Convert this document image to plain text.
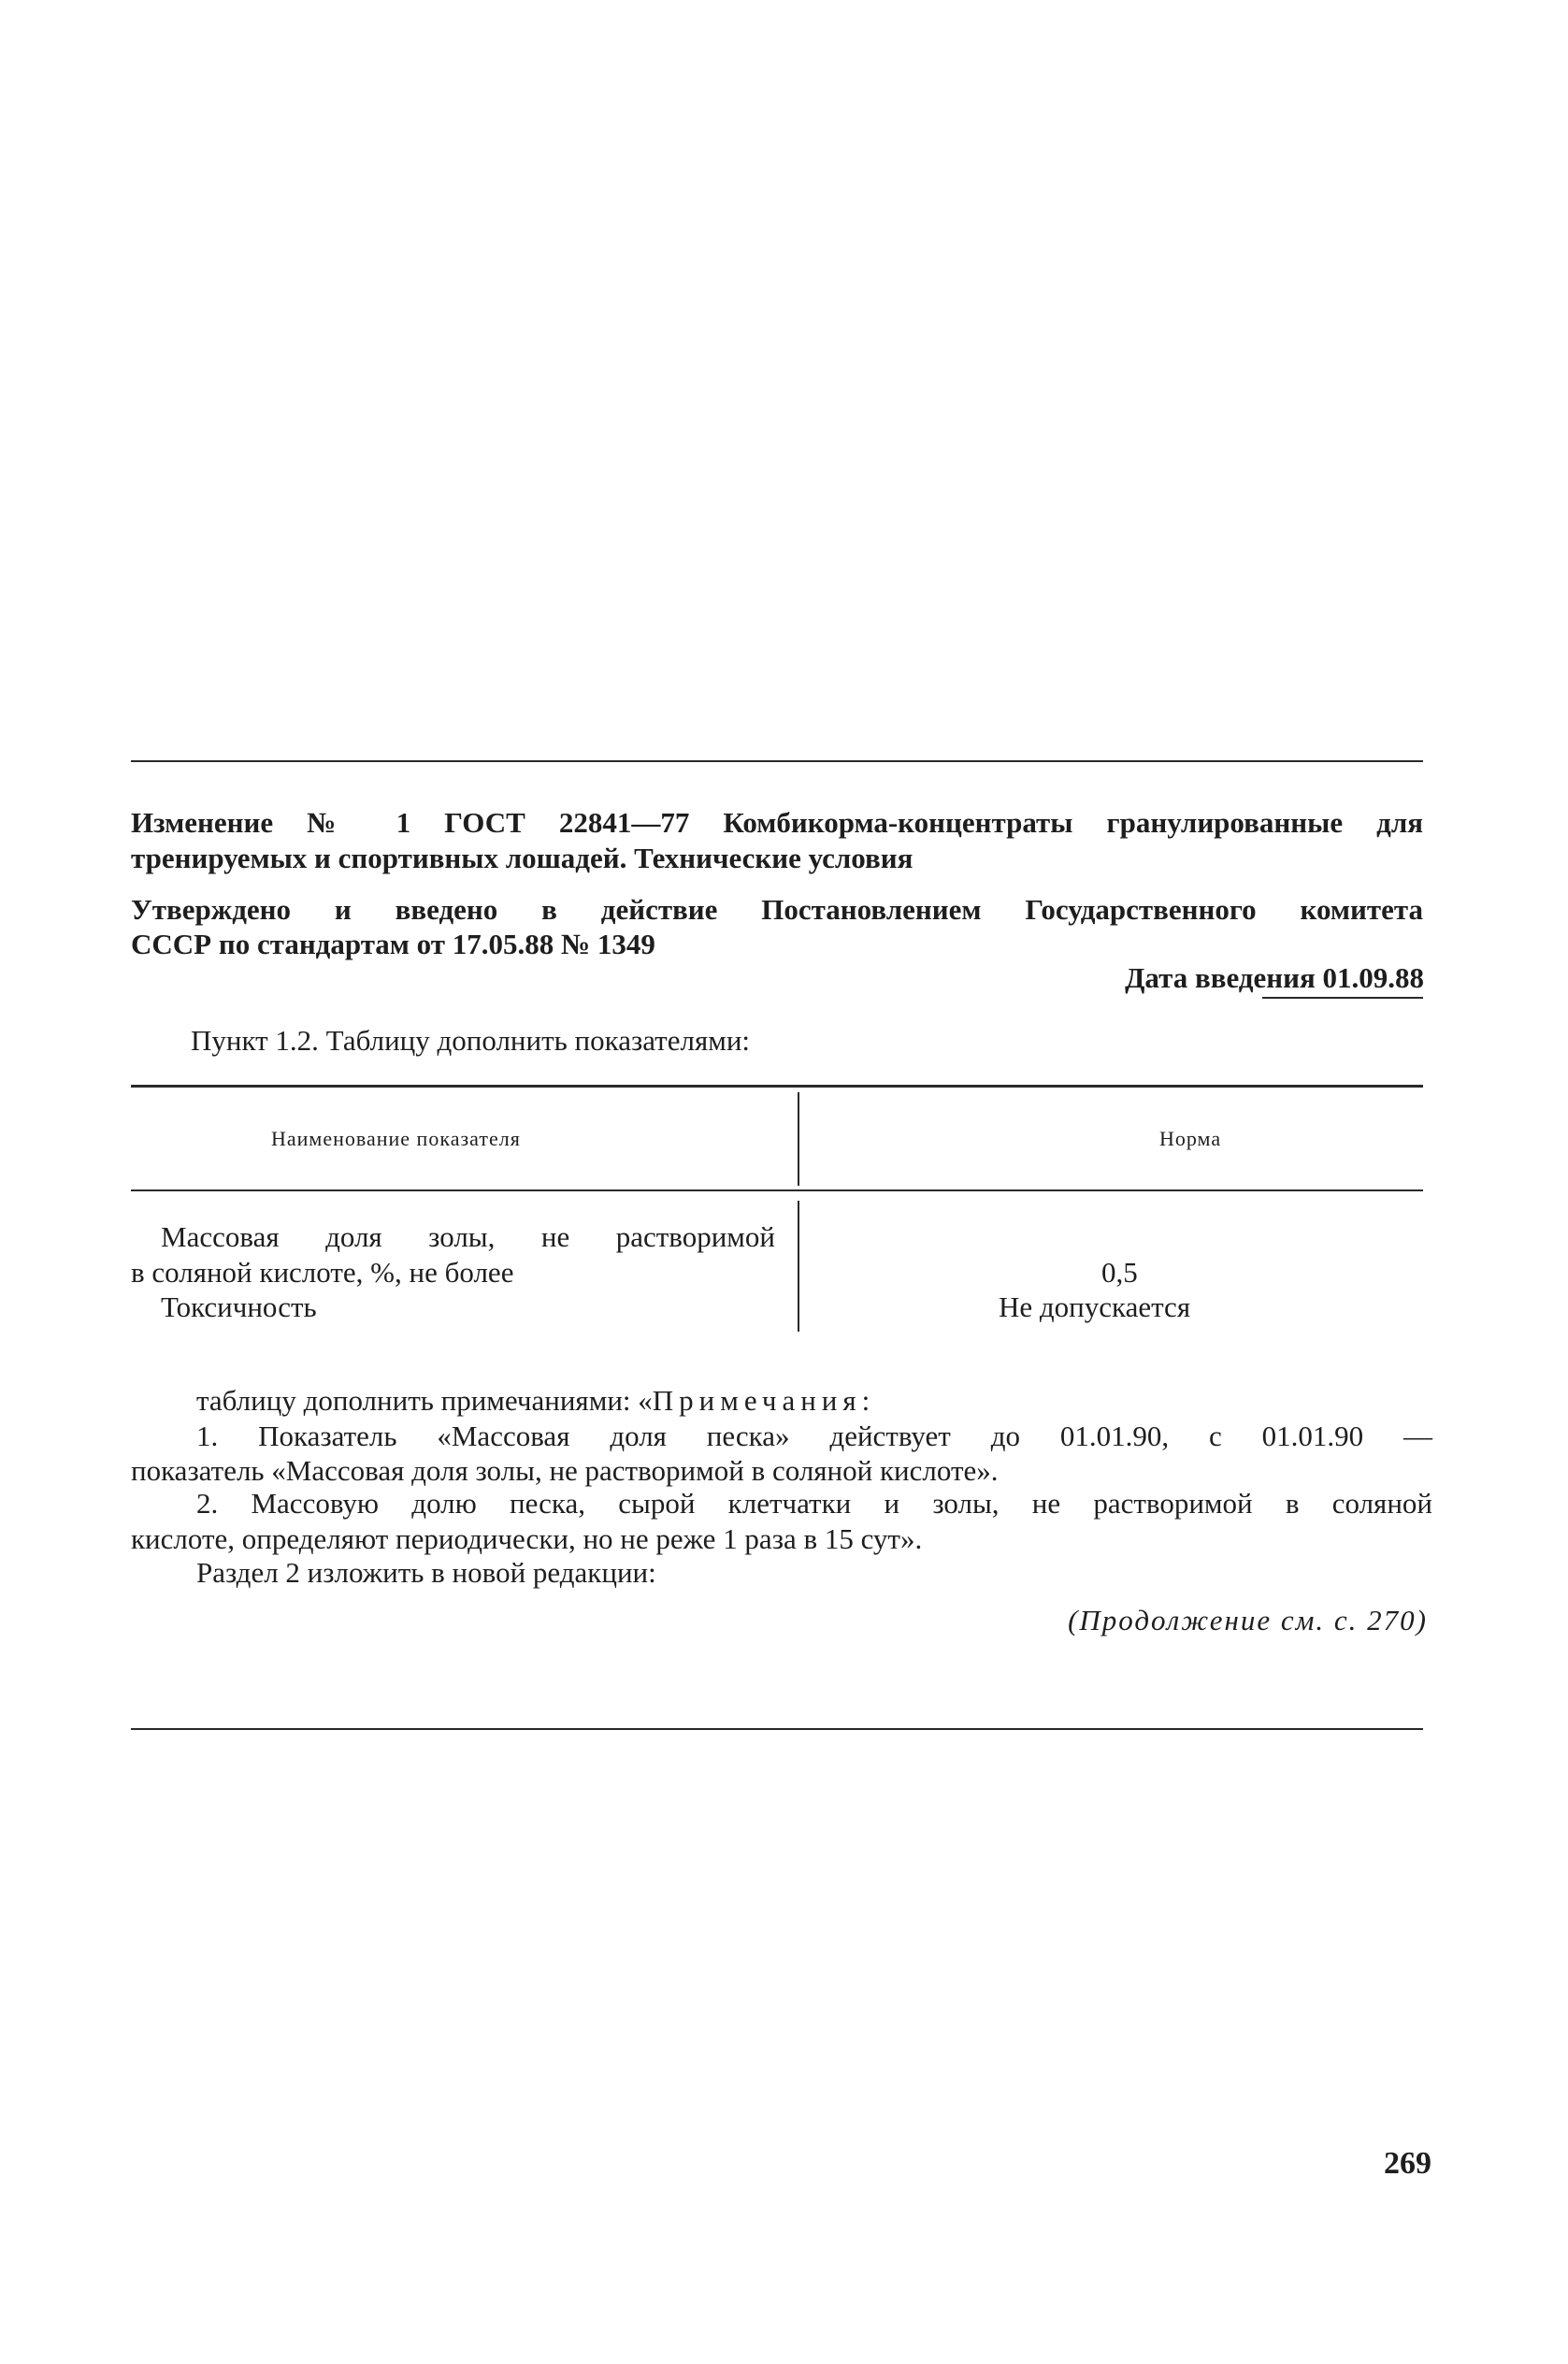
Изменение № 1 ГОСТ 22841—77 Комбикорма-концентраты гранулированные для
тренируемых и спортивных лошадей. Технические условия
Утверждено и введено в действие Постановлением Государственного комитета
СССР по стандартам от 17.05.88 № 1349
Дата введения 01.09.88
Пункт 1.2. Таблицу дополнить показателями:
Наименование показателя	Норма
Массовая доля золы, не растворимой
в соляной кислоте, %, не более	0,5
Токсичность	Не допускается
таблицу дополнить примечаниями: «Примечания:
1. Показатель «Массовая доля песка» действует до 01.01.90, с 01.01.90 —
показатель «Массовая доля золы, не растворимой в соляной кислоте».
2. Массовую долю песка, сырой клетчатки и золы, не растворимой в соляной
кислоте, определяют периодически, но не реже 1 раза в 15 сут».
Раздел 2 изложить в новой редакции:
(Продолжение см. с. 270)
269
